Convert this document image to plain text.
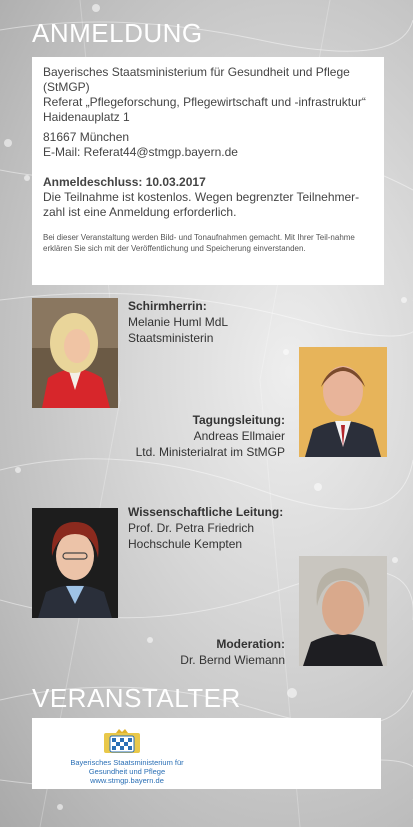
ANMELDUNG

Bayerisches Staatsministerium für Gesundheit und Pflege (StMGP)
Referat „Pflegeforschung, Pflegewirtschaft und -infrastruktur“
Haidenauplatz 1

81667 München

E-Mail: Referat44@stmgp.bayern.de

Anmeldeschluss: 10.03.2017

Die Teilnahme ist kostenlos. Wegen begrenzter Teilnehmer-zahl ist eine Anmeldung erforderlich.

Bei dieser Veranstaltung werden Bild- und Tonaufnahmen gemacht. Mit Ihrer Teil-nahme erklären Sie sich mit der Veröffentlichung und Speicherung einverstanden.

Schirmherrin:
Melanie Huml MdL
Staatsministerin
Tagungsleitung:
Andreas Ellmaier
Ltd. Ministerialrat im StMGP
Wissenschaftliche Leitung:
Prof. Dr. Petra Friedrich
Hochschule Kempten
Moderation:
Dr. Bernd Wiemann
VERANSTALTER
Bayerisches Staatsministerium für
Gesundheit und Pflege
www.stmgp.bayern.de
